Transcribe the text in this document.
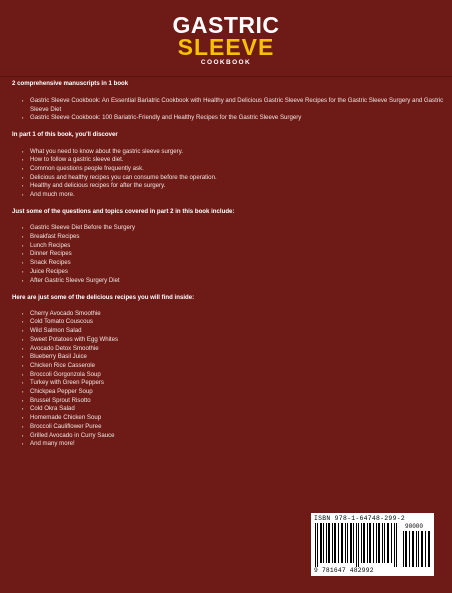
GASTRIC
SLEEVE
COOKBOOK

2 comprehensive manuscripts in 1 book

▪ Gastric Sleeve Cookbook: An Essential Bariatric Cookbook with Healthy and Delicious Gastric Sleeve Recipes for the Gastric Sleeve Surgery and Gastric Sleeve Diet
▪ Gastric Sleeve Cookbook: 100 Bariatric-Friendly and Healthy Recipes for the Gastric Sleeve Surgery

In part 1 of this book, you'll discover

▪ What you need to know about the gastric sleeve surgery.
▪ How to follow a gastric sleeve diet.
▪ Common questions people frequently ask.
▪ Delicious and healthy recipes you can consume before the operation.
▪ Healthy and delicious recipes for after the surgery.
▪ And much more.

Just some of the questions and topics covered in part 2 in this book include:

▪ Gastric Sleeve Diet Before the Surgery
▪ Breakfast Recipes
▪ Lunch Recipes
▪ Dinner Recipes
▪ Snack Recipes
▪ Juice Recipes
▪ After Gastric Sleeve Surgery Diet

Here are just some of the delicious recipes you will find inside:

▪ Cherry Avocado Smoothie
▪ Cold Tomato Couscous
▪ Wild Salmon Salad
▪ Sweet Potatoes with Egg Whites
▪ Avocado Detox Smoothie
▪ Blueberry Basil Juice
▪ Chicken Rice Casserole
▪ Broccoli Gorgonzola Soup
▪ Turkey with Green Peppers
▪ Chickpea Pepper Soup
▪ Brussel Sprout Risotto
▪ Cold Okra Salad
▪ Homemade Chicken Soup
▪ Broccoli Cauliflower Puree
▪ Grilled Avocado in Curry Sauce
▪ And many more!
ISBN 978-1-64748-299-2
90000
9 781647 482992
